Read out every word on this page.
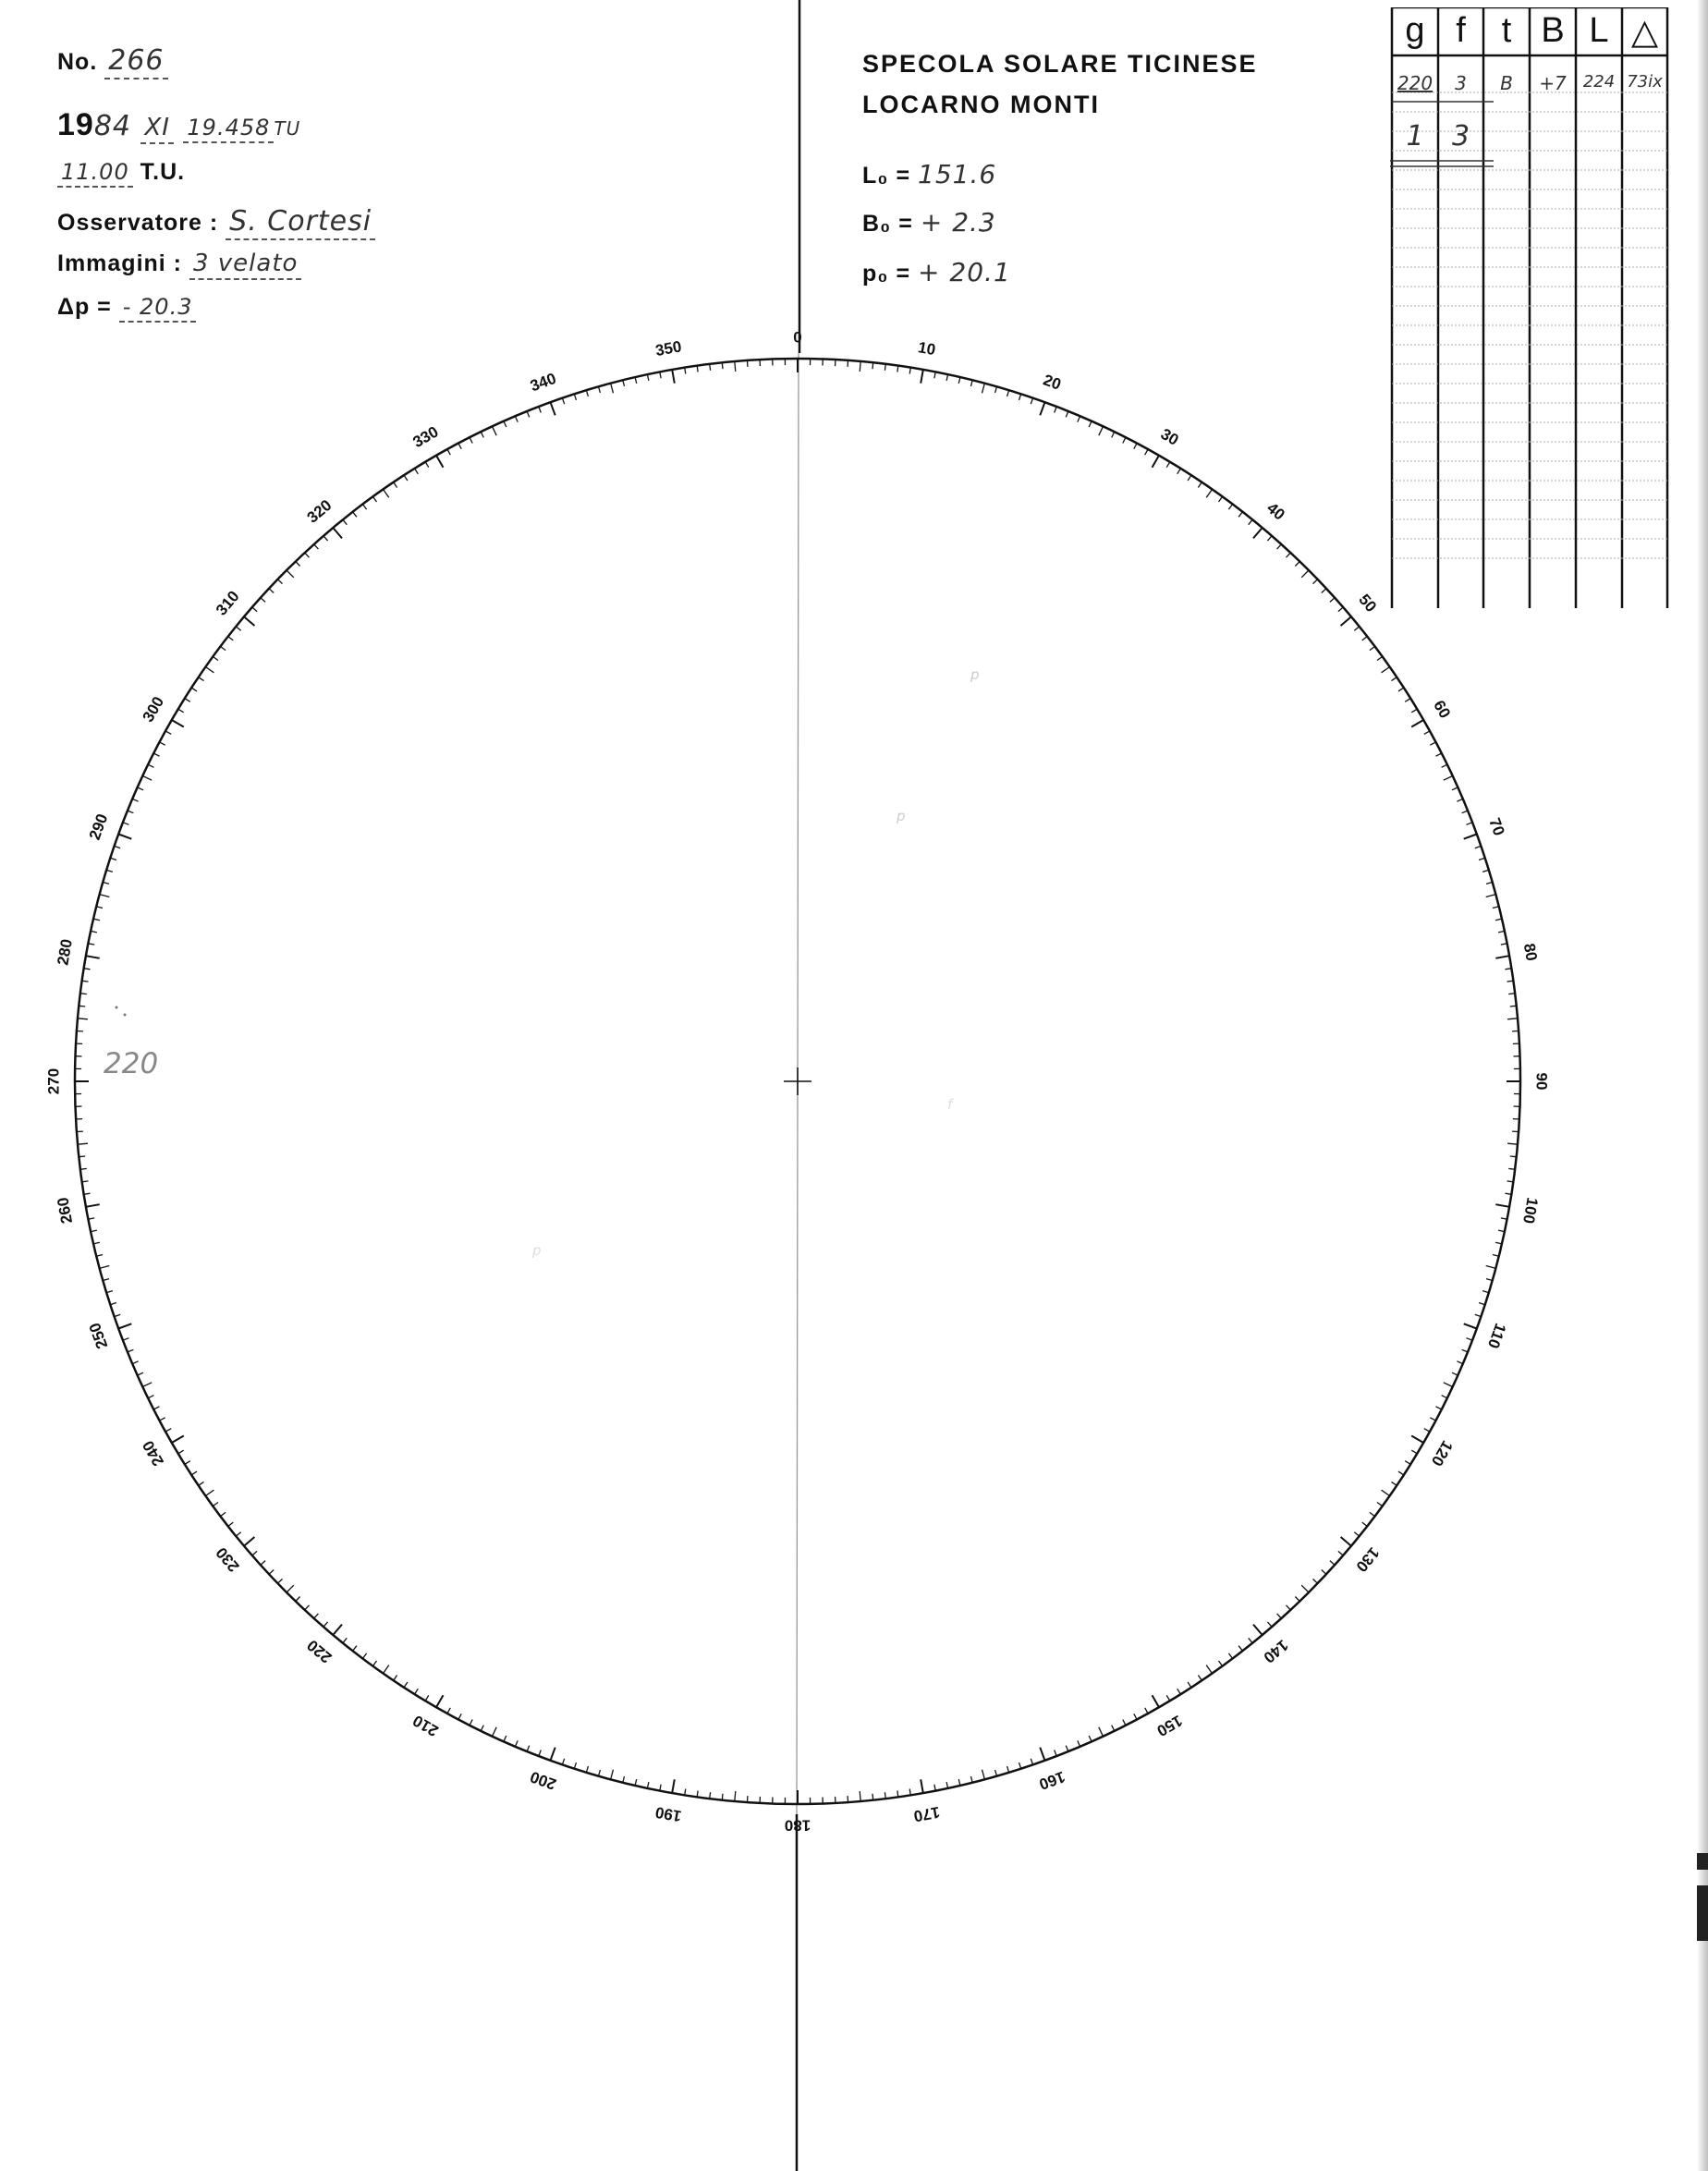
No. 266
1984 XI 19.458 TU
11.00 T.U.
Osservatore : S. Cortesi
Immagini : 3 velato
Δp = - 20.3
SPECOLA SOLARE TICINESE
LOCARNO MONTI
L₀ = 151.6
B₀ = + 2.3
p₀ = + 20.1
0
10
20
30
40
50
60
70
80
90
100
110
120
130
140
150
160
170
180
190
200
210
220
230
240
250
260
270
280
290
300
310
320
330
340
350
220
p
p
f
p
g f	t B L △
220	3	B	+7	224 73ix
1	3
